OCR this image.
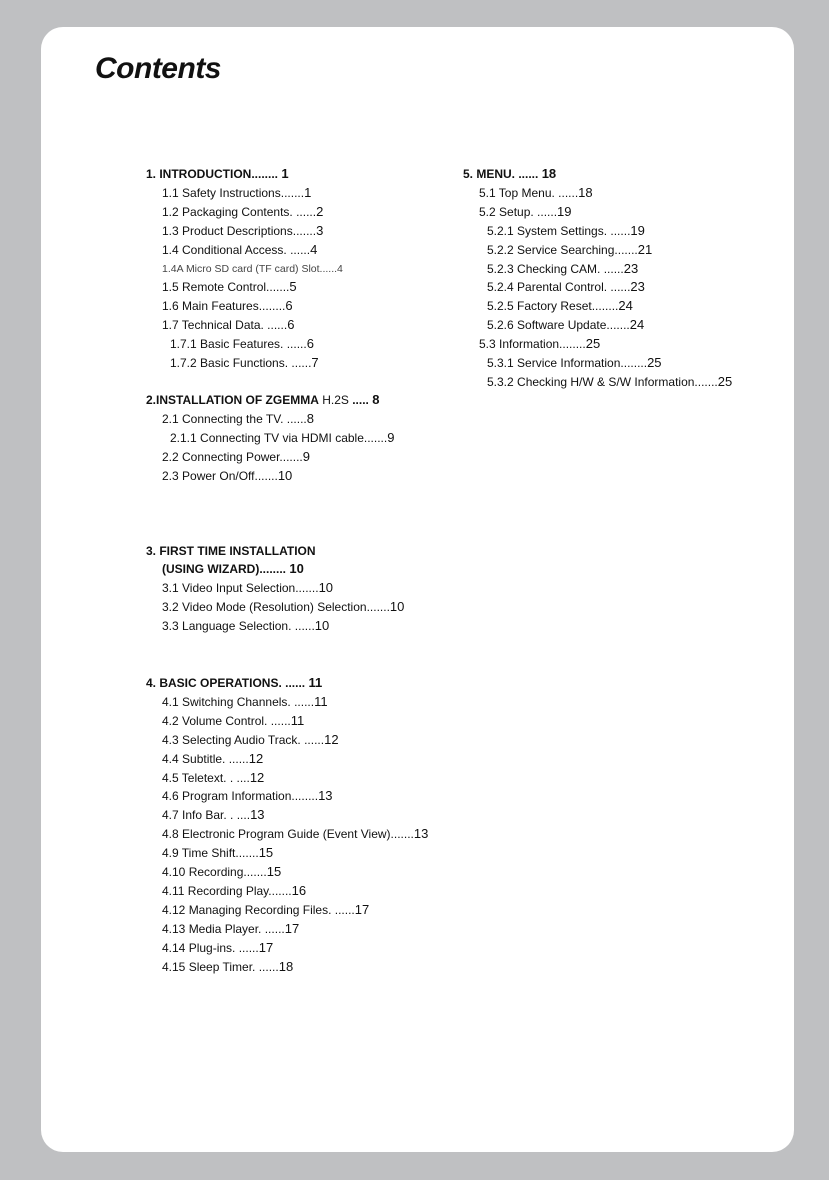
Contents
1. INTRODUCTION........ 1
1.1 Safety Instructions.......1
1.2 Packaging Contents. ......2
1.3 Product Descriptions.......3
1.4 Conditional Access. ......4
1.4A Micro SD card (TF card) Slot......4
1.5 Remote Control.......5
1.6 Main Features........6
1.7 Technical Data. ......6
1.7.1 Basic Features. ......6
1.7.2 Basic Functions. ......7
2.INSTALLATION OF ZGEMMA H.2S ..... 8
2.1 Connecting the TV. ......8
2.1.1 Connecting TV via HDMI cable.......9
2.2 Connecting Power.......9
2.3 Power On/Off.......10
3. FIRST TIME INSTALLATION
(USING WIZARD)........ 10
3.1 Video Input Selection.......10
3.2 Video Mode (Resolution) Selection.......10
3.3 Language Selection. ......10
4. BASIC OPERATIONS. ...... 11
4.1 Switching Channels. ......11
4.2 Volume Control. ......11
4.3 Selecting Audio Track. ......12
4.4 Subtitle. ......12
4.5 Teletext. . ....12
4.6 Program Information........13
4.7 Info Bar. . ....13
4.8 Electronic Program Guide (Event View).......13
4.9 Time Shift.......15
4.10 Recording.......15
4.11 Recording Play.......16
4.12 Managing Recording Files. ......17
4.13 Media Player. ......17
4.14 Plug-ins. ......17
4.15 Sleep Timer. ......18
5. MENU. ...... 18
5.1 Top Menu. ......18
5.2 Setup. ......19
5.2.1 System Settings. ......19
5.2.2 Service Searching.......21
5.2.3 Checking CAM. ......23
5.2.4 Parental Control. ......23
5.2.5 Factory Reset........24
5.2.6 Software Update.......24
5.3 Information........25
5.3.1 Service Information........25
5.3.2 Checking H/W & S/W Information.......25
